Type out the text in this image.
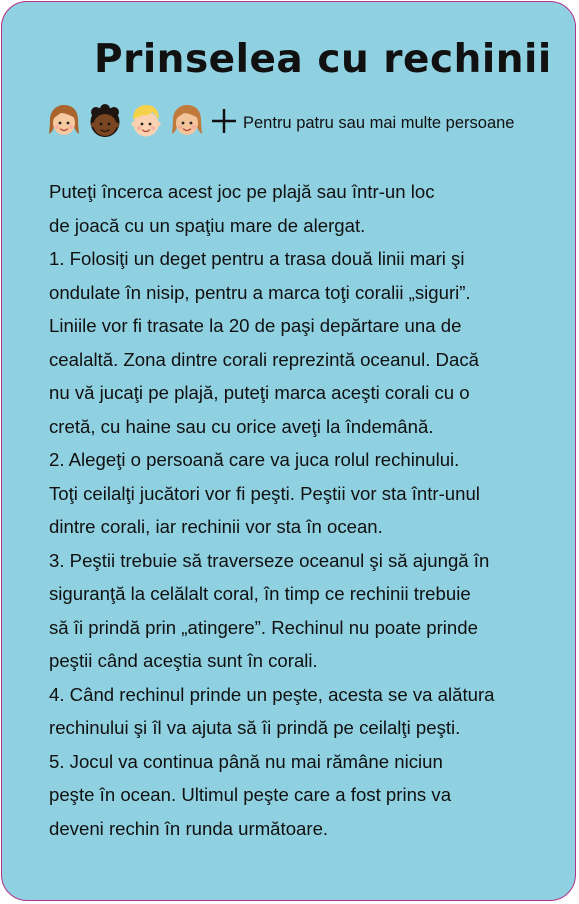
Prinselea cu rechinii
Pentru patru sau mai multe persoane
Puteţi încerca acest joc pe plajă sau într-un loc
de joacă cu un spaţiu mare de alergat.
1. Folosiţi un deget pentru a trasa două linii mari şi
ondulate în nisip, pentru a marca toţi coralii „siguri”.
Liniile vor fi trasate la 20 de paşi depărtare una de
cealaltă. Zona dintre corali reprezintă oceanul. Dacă
nu vă jucaţi pe plajă, puteţi marca aceşti corali cu o
cretă, cu haine sau cu orice aveţi la îndemână.
2. Alegeţi o persoană care va juca rolul rechinului.
Toţi ceilalţi jucători vor fi peşti. Peştii vor sta într-unul
dintre corali, iar rechinii vor sta în ocean.
3. Peştii trebuie să traverseze oceanul şi să ajungă în
siguranţă la celălalt coral, în timp ce rechinii trebuie
să îi prindă prin „atingere”. Rechinul nu poate prinde
peştii când aceştia sunt în corali.
4. Când rechinul prinde un peşte, acesta se va alătura
rechinului şi îl va ajuta să îi prindă pe ceilalţi peşti.
5. Jocul va continua până nu mai rămâne niciun
peşte în ocean. Ultimul peşte care a fost prins va
deveni rechin în runda următoare.
